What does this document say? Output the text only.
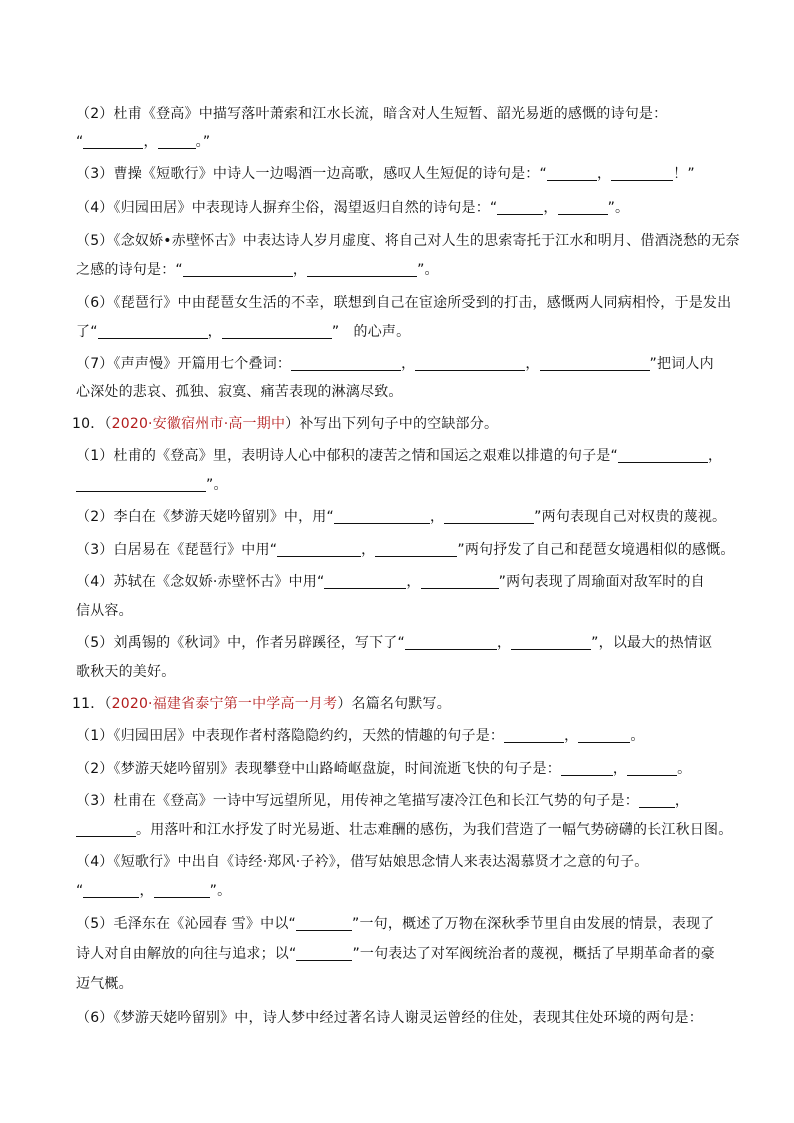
（2）杜甫《登高》中描写落叶萧索和江水长流，暗含对人生短暂、韶光易逝的感慨的诗句是：
“	，	。”
（3）曹操《短歌行》中诗人一边喝酒一边高歌，感叹人生短促的诗句是：“	，	！”
（4）《归园田居》中表现诗人摒弃尘俗，渴望返归自然的诗句是：“	，	”。
（5）《念奴娇•赤壁怀古》中表达诗人岁月虚度、将自己对人生的思索寄托于江水和明月、借酒浇愁的无奈
之感的诗句是：“	，	”。
（6）《琵琶行》中由琵琶女生活的不幸，联想到自己在宦途所受到的打击，感慨两人同病相怜，于是发出
了“	，	”　的心声。
（7）《声声慢》开篇用七个叠词：	，	，	”把词人内
心深处的悲哀、孤独、寂寞、痛苦表现的淋漓尽致。
10．（2020·安徽宿州市·高一期中）补写出下列句子中的空缺部分。
（1）杜甫的《登高》里，表明诗人心中郁积的凄苦之情和国运之艰难以排遣的句子是“	，
”。
（2）李白在《梦游天姥吟留别》中，用“	，	”两句表现自己对权贵的蔑视。
（3）白居易在《琵琶行》中用“	，	”两句抒发了自己和琵琶女境遇相似的感慨。
（4）苏轼在《念奴娇·赤壁怀古》中用“	，	”两句表现了周瑜面对敌军时的自
信从容。
（5）刘禹锡的《秋词》中，作者另辟蹊径，写下了“	，	”，以最大的热情讴
歌秋天的美好。
11．（2020·福建省泰宁第一中学高一月考）名篇名句默写。
（1）《归园田居》中表现作者村落隐隐约约，天然的情趣的句子是：	，	。
（2）《梦游天姥吟留别》表现攀登中山路崎岖盘旋，时间流逝飞快的句子是：	，	。
（3）杜甫在《登高》一诗中写远望所见，用传神之笔描写凄冷江色和长江气势的句子是：	，
。用落叶和江水抒发了时光易逝、壮志难酬的感伤，为我们营造了一幅气势磅礴的长江秋日图。
（4）《短歌行》中出自《诗经·郑风·子衿》，借写姑娘思念情人来表达渴慕贤才之意的句子。
“	，	”。
（5）毛泽东在《沁园春 雪》中以“	”一句，概述了万物在深秋季节里自由发展的情景，表现了
诗人对自由解放的向往与追求；以“	”一句表达了对军阀统治者的蔑视，概括了早期革命者的豪
迈气概。
（6）《梦游天姥吟留别》中，诗人梦中经过著名诗人谢灵运曾经的住处，表现其住处环境的两句是：
